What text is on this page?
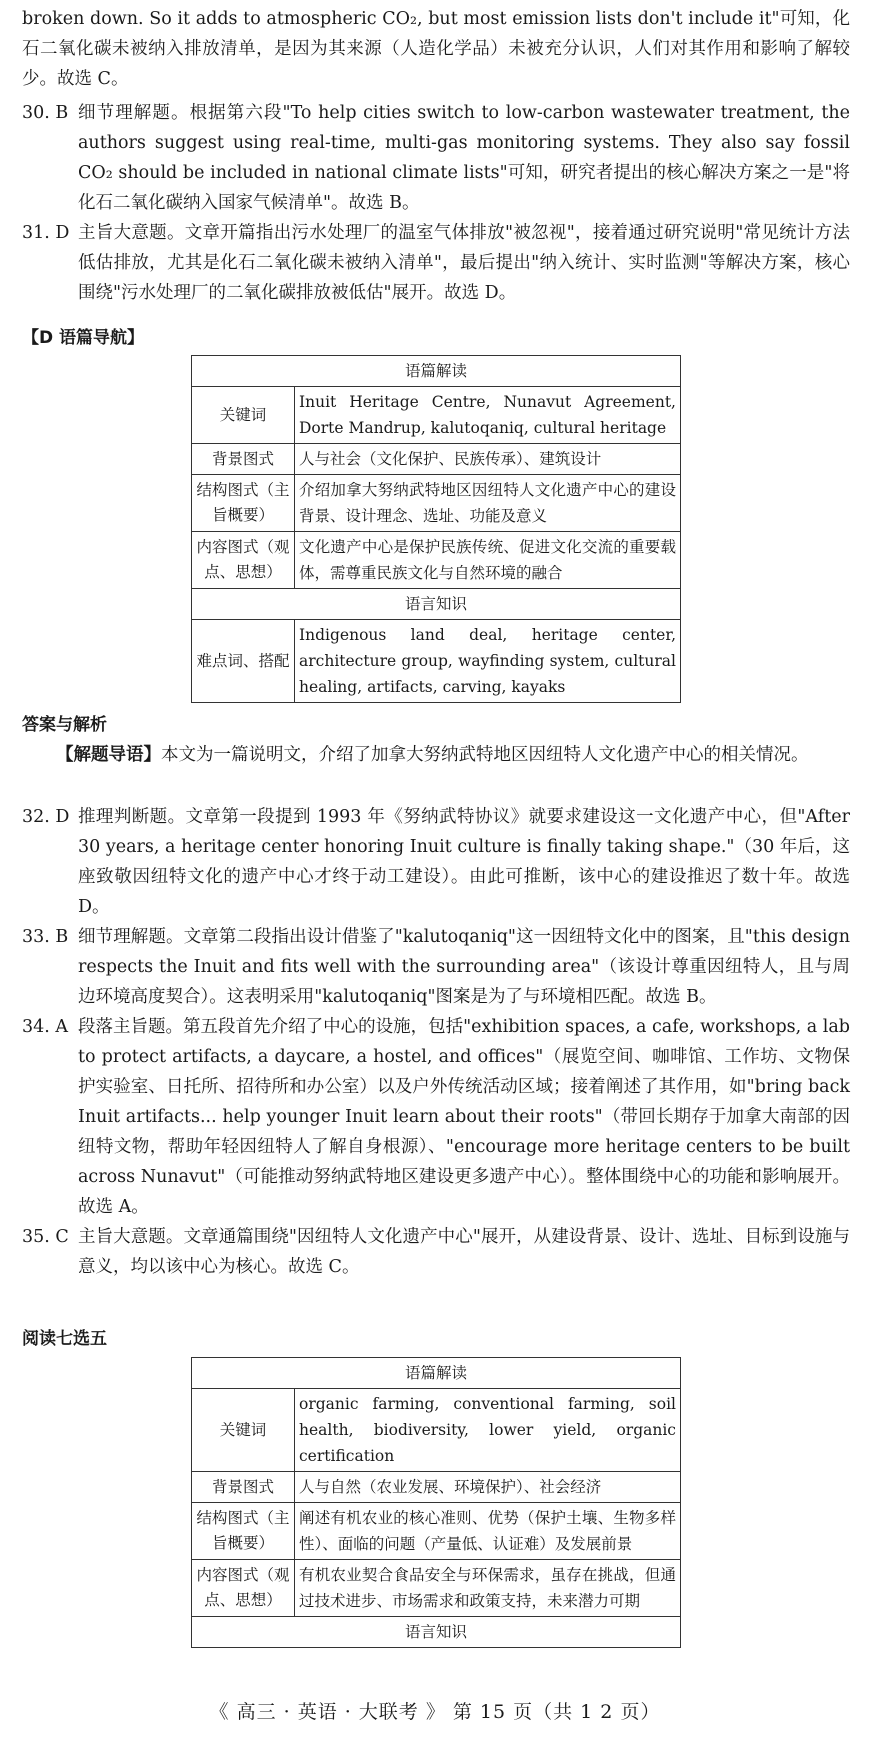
broken down. So it adds to atmospheric CO₂, but most emission lists don't include it"可知，化石二氧化碳未被纳入排放清单，是因为其来源（人造化学品）未被充分认识，人们对其作用和影响了解较少。故选 C。

30. B 细节理解题。根据第六段"To help cities switch to low-carbon wastewater treatment, the authors suggest using real-time, multi-gas monitoring systems. They also say fossil CO₂ should be included in national climate lists"可知，研究者提出的核心解决方案之一是"将化石二氧化碳纳入国家气候清单"。故选 B。

31. D 主旨大意题。文章开篇指出污水处理厂的温室气体排放"被忽视"，接着通过研究说明"常见统计方法低估排放，尤其是化石二氧化碳未被纳入清单"，最后提出"纳入统计、实时监测"等解决方案，核心围绕"污水处理厂的二氧化碳排放被低估"展开。故选 D。

【D 语篇导航】
语篇解读	
关键词	Inuit Heritage Centre, Nunavut Agreement, Dorte Mandrup, kalutoqaniq, cultural heritage
背景图式	人与社会（文化保护、民族传承）、建筑设计
结构图式（主旨概要）	介绍加拿大努纳武特地区因纽特人文化遗产中心的建设背景、设计理念、选址、功能及意义
内容图式（观点、思想）	文化遗产中心是保护民族传统、促进文化交流的重要载体，需尊重民族文化与自然环境的融合
语言知识	
难点词、搭配	Indigenous land deal, heritage center, architecture group, wayfinding system, cultural healing, artifacts, carving, kayaks
答案与解析

【解题导语】本文为一篇说明文，介绍了加拿大努纳武特地区因纽特人文化遗产中心的相关情况。

32. D 推理判断题。文章第一段提到 1993 年《努纳武特协议》就要求建设这一文化遗产中心，但"After 30 years, a heritage center honoring Inuit culture is finally taking shape."（30 年后，这座致敬因纽特文化的遗产中心才终于动工建设）。由此可推断，该中心的建设推迟了数十年。故选 D。

33. B 细节理解题。文章第二段指出设计借鉴了"kalutoqaniq"这一因纽特文化中的图案，且"this design respects the Inuit and fits well with the surrounding area"（该设计尊重因纽特人，且与周边环境高度契合）。这表明采用"kalutoqaniq"图案是为了与环境相匹配。故选 B。

34. A 段落主旨题。第五段首先介绍了中心的设施，包括"exhibition spaces, a cafe, workshops, a lab to protect artifacts, a daycare, a hostel, and offices"（展览空间、咖啡馆、工作坊、文物保护实验室、日托所、招待所和办公室）以及户外传统活动区域；接着阐述了其作用，如"bring back Inuit artifacts... help younger Inuit learn about their roots"（带回长期存于加拿大南部的因纽特文物，帮助年轻因纽特人了解自身根源）、"encourage more heritage centers to be built across Nunavut"（可能推动努纳武特地区建设更多遗产中心）。整体围绕中心的功能和影响展开。故选 A。

35. C 主旨大意题。文章通篇围绕"因纽特人文化遗产中心"展开，从建设背景、设计、选址、目标到设施与意义，均以该中心为核心。故选 C。

阅读七选五
语篇解读	
关键词	organic farming, conventional farming, soil health, biodiversity, lower yield, organic certification
背景图式	人与自然（农业发展、环境保护）、社会经济
结构图式（主旨概要）	阐述有机农业的核心准则、优势（保护土壤、生物多样性）、面临的问题（产量低、认证难）及发展前景
内容图式（观点、思想）	有机农业契合食品安全与环保需求，虽存在挑战，但通过技术进步、市场需求和政策支持，未来潜力可期
语言知识	
《 高三 · 英语 · 大联考 》 第 15 页（共 1 2 页）
